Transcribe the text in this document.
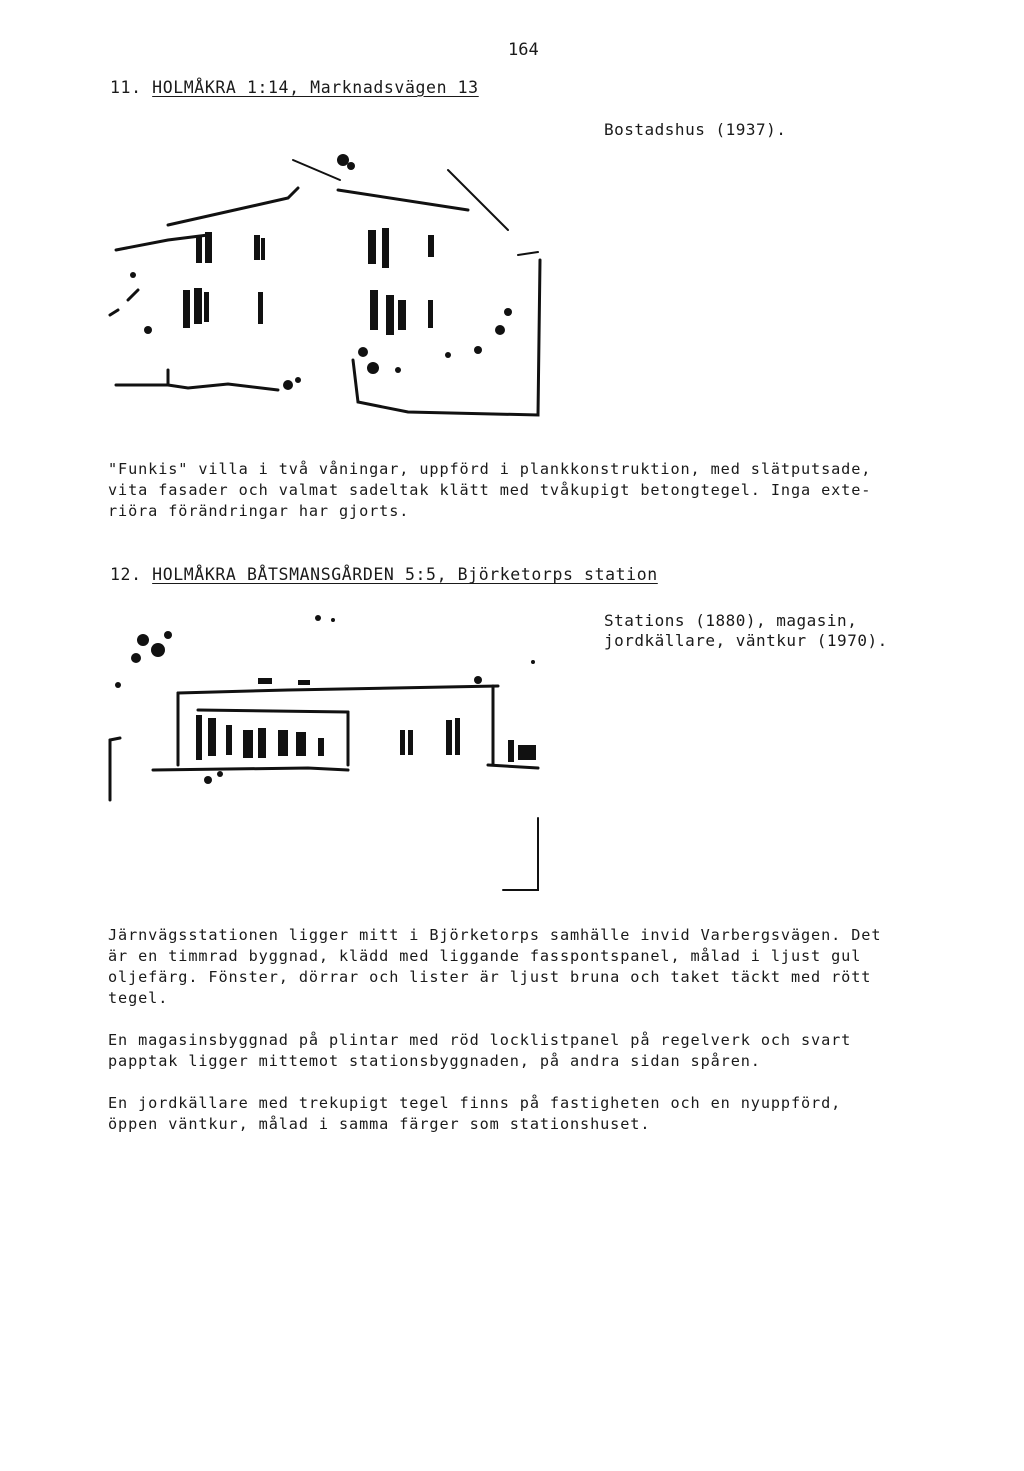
164
11. HOLMÅKRA 1:14, Marknadsvägen 13
Bostadshus (1937).
"Funkis" villa i två våningar, uppförd i plankkonstruktion, med slätputsade,
vita fasader och valmat sadeltak klätt med tvåkupigt betongtegel. Inga exte-
riöra förändringar har gjorts.
12. HOLMÅKRA BÅTSMANSGÅRDEN 5:5, Björketorps station
Stations (1880), magasin,
jordkällare, väntkur (1970).
Järnvägsstationen ligger mitt i Björketorps samhälle invid Varbergsvägen. Det
är en timmrad byggnad, klädd med liggande fasspontspanel, målad i ljust gul
oljefärg. Fönster, dörrar och lister är ljust bruna och taket täckt med rött
tegel.
En magasinsbyggnad på plintar med röd locklistpanel på regelverk och svart
papptak ligger mittemot stationsbyggnaden, på andra sidan spåren.
En jordkällare med trekupigt tegel finns på fastigheten och en nyuppförd,
öppen väntkur, målad i samma färger som stationshuset.
